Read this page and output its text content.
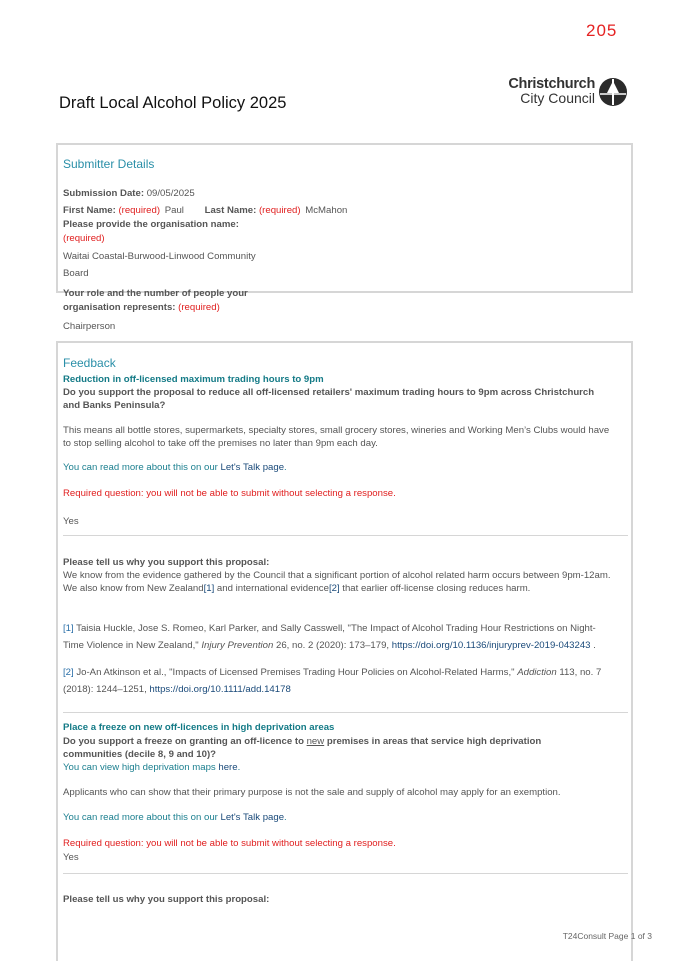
205
Draft Local Alcohol Policy 2025
Christchurch
City Council
Submitter Details
Submission Date: 09/05/2025
First Name: (required) Paul Last Name: (required) McMahon
Please provide the organisation name:
(required)
Waitai Coastal-Burwood-Linwood Community
Board
Your role and the number of people your
organisation represents: (required)
Chairperson
Feedback
Reduction in off-licensed maximum trading hours to 9pm
Do you support the proposal to reduce all off-licensed retailers' maximum trading hours to 9pm across Christchurch
and Banks Peninsula?
This means all bottle stores, supermarkets, specialty stores, small grocery stores, wineries and Working Men’s Clubs would have
to stop selling alcohol to take off the premises no later than 9pm each day.
You can read more about this on our Let's Talk page.
Required question: you will not be able to submit without selecting a response.
Yes
Please tell us why you support this proposal:
We know from the evidence gathered by the Council that a significant portion of alcohol related harm occurs between 9pm-12am.
We also know from New Zealand[1] and international evidence[2] that earlier off-license closing reduces harm.
[1] Taisia Huckle, Jose S. Romeo, Karl Parker, and Sally Casswell, "The Impact of Alcohol Trading Hour Restrictions on Night-
Time Violence in New Zealand," Injury Prevention 26, no. 2 (2020): 173–179, https://doi.org/10.1136/injuryprev-2019-043243 .
[2] Jo-An Atkinson et al., "Impacts of Licensed Premises Trading Hour Policies on Alcohol-Related Harms," Addiction 113, no. 7
(2018): 1244–1251, https://doi.org/10.1111/add.14178
Place a freeze on new off-licences in high deprivation areas
Do you support a freeze on granting an off-licence to new premises in areas that service high deprivation
communities (decile 8, 9 and 10)?
You can view high deprivation maps here.
Applicants who can show that their primary purpose is not the sale and supply of alcohol may apply for an exemption.
You can read more about this on our Let's Talk page.
Required question: you will not be able to submit without selecting a response.
Yes
Please tell us why you support this proposal:
T24Consult Page 1 of 3
